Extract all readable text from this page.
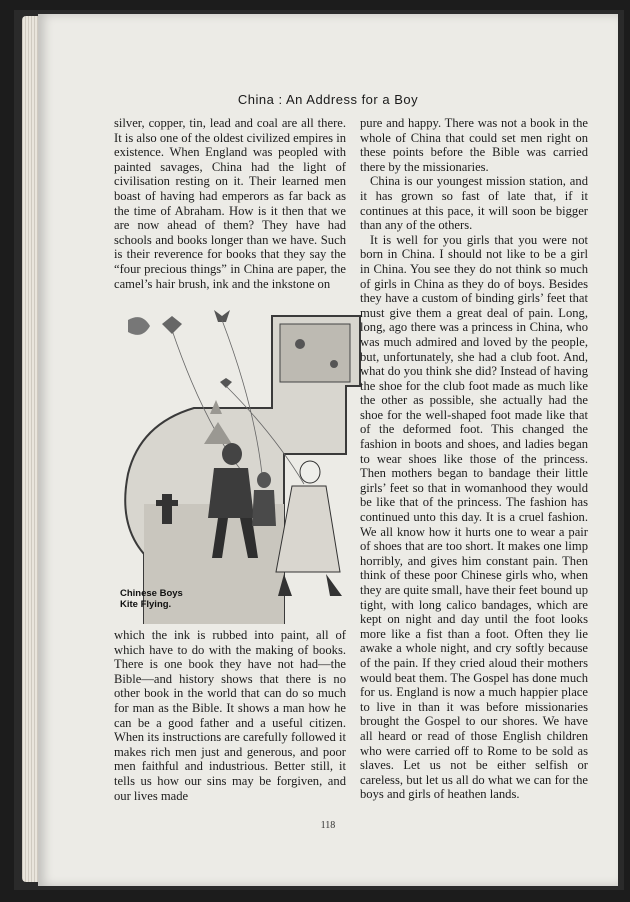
China : An Address for a Boy

silver, copper, tin, lead and coal are all there. It is also one of the oldest civilized empires in existence. When England was peopled with painted savages, China had the light of civilisation resting on it. Their learned men boast of having had emperors as far back as the time of Abraham. How is it then that we are now ahead of them? They have had schools and books longer than we have. Such is their reverence for books that they say the “four precious things” in China are paper, the camel’s hair brush, ink and the inkstone on

Chinese Boys Kite Flying.

which the ink is rubbed into paint, all of which have to do with the making of books. There is one book they have not had—the Bible—and history shows that there is no other book in the world that can do so much for man as the Bible. It shows a man how he can be a good father and a useful citizen. When its instructions are carefully followed it makes rich men just and generous, and poor men faithful and industrious. Better still, it tells us how our sins may be forgiven, and our lives made

pure and happy. There was not a book in the whole of China that could set men right on these points before the Bible was carried there by the missionaries.

China is our youngest mission station, and it has grown so fast of late that, if it continues at this pace, it will soon be bigger than any of the others.

It is well for you girls that you were not born in China. I should not like to be a girl in China. You see they do not think so much of girls in China as they do of boys. Besides they have a custom of binding girls’ feet that must give them a great deal of pain. Long, long, ago there was a princess in China, who was much admired and loved by the people, but, unfortunately, she had a club foot. And, what do you think she did? Instead of having the shoe for the club foot made as much like the other as possible, she actually had the shoe for the well-shaped foot made like that of the deformed foot. This changed the fashion in boots and shoes, and ladies began to wear shoes like those of the princess. Then mothers began to bandage their little girls’ feet so that in womanhood they would be like that of the princess. The fashion has continued unto this day. It is a cruel fashion. We all know how it hurts one to wear a pair of shoes that are too short. It makes one limp horribly, and gives him constant pain. Then think of these poor Chinese girls who, when they are quite small, have their feet bound up tight, with long calico bandages, which are kept on night and day until the foot looks more like a fist than a foot. Often they lie awake a whole night, and cry softly because of the pain. If they cried aloud their mothers would beat them. The Gospel has done much for us. England is now a much happier place to live in than it was before missionaries brought the Gospel to our shores. We have all heard or read of those English children who were carried off to Rome to be sold as slaves. Let us not be either selfish or careless, but let us all do what we can for the boys and girls of heathen lands.

118
